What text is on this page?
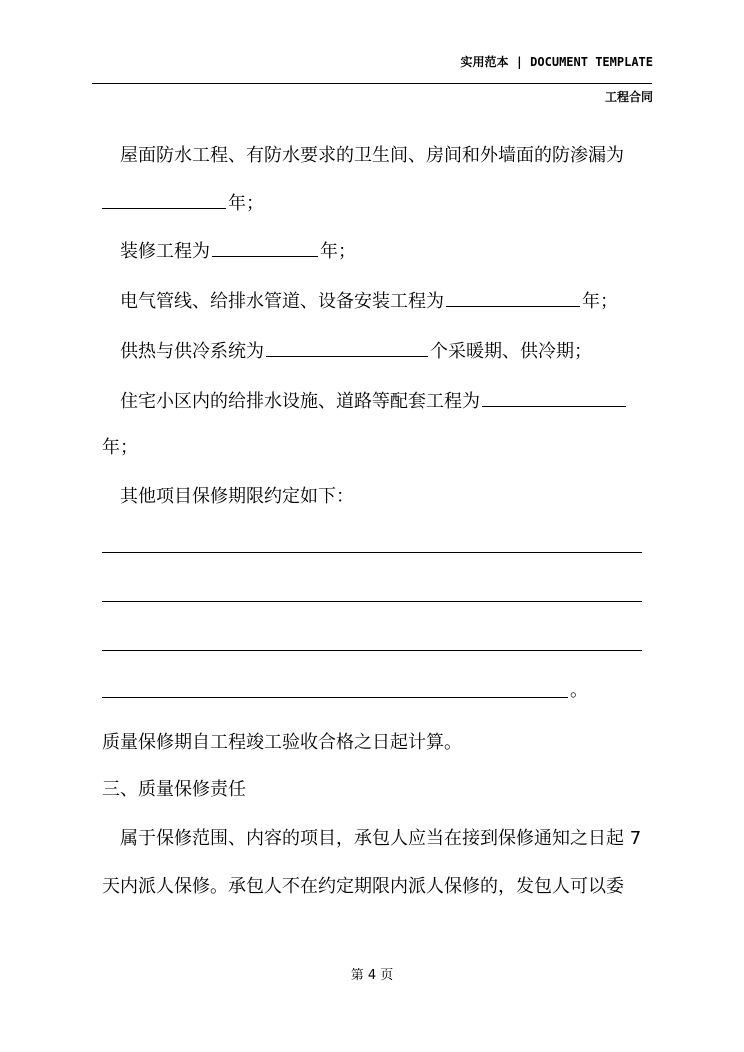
实用范本 | DOCUMENT TEMPLATE
工程合同
屋面防水工程、有防水要求的卫生间、房间和外墙面的防渗漏为
年；
装修工程为	年；
电气管线、给排水管道、设备安装工程为	年；
供热与供冷系统为	个采暖期、供冷期；
住宅小区内的给排水设施、道路等配套工程为
年；
其他项目保修期限约定如下：
。
质量保修期自工程竣工验收合格之日起计算。
三、质量保修责任
属于保修范围、内容的项目，承包人应当在接到保修通知之日起 7
天内派人保修。承包人不在约定期限内派人保修的，发包人可以委
第 4 页
